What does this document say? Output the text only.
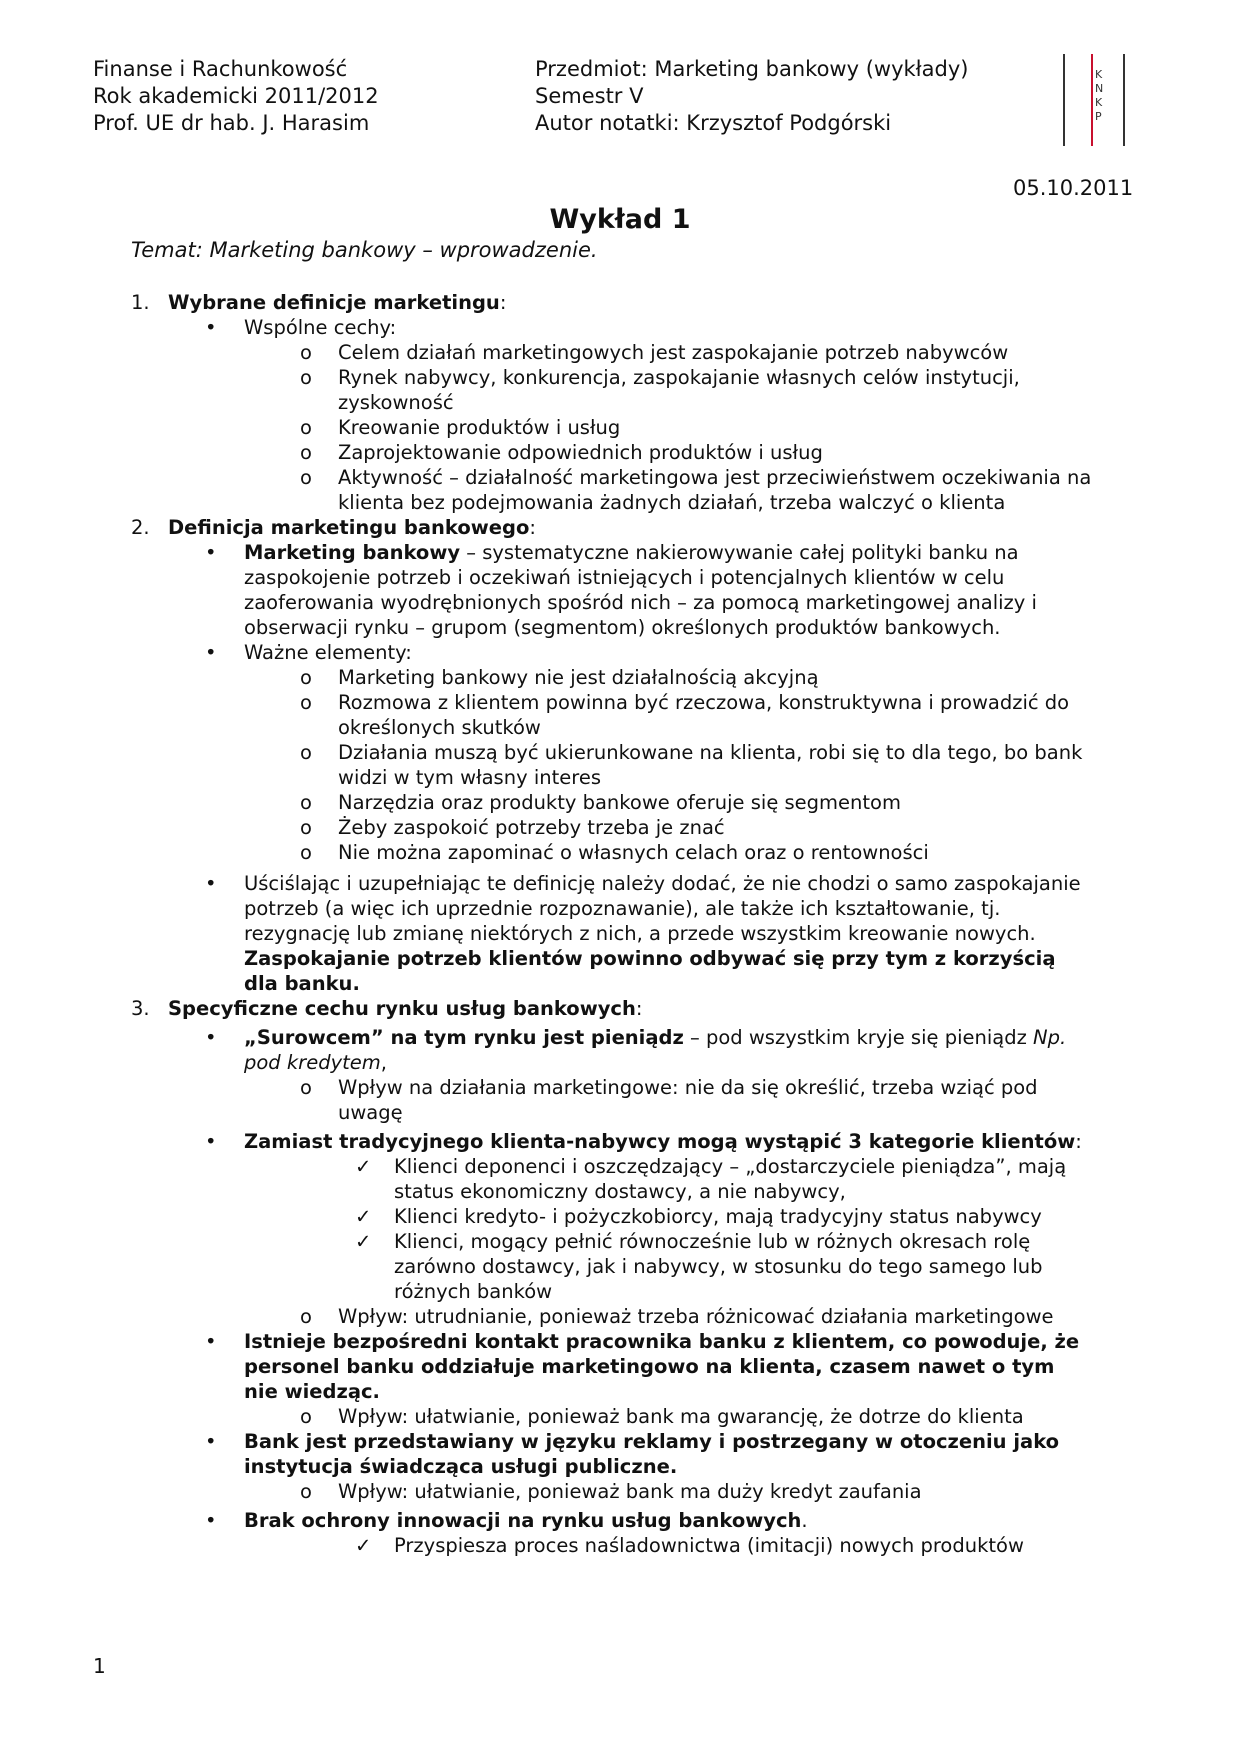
Finanse i Rachunkowość
Rok akademicki 2011/2012
Prof. UE dr hab. J. Harasim
Przedmiot: Marketing bankowy (wykłady)
Semestr V
Autor notatki: Krzysztof Podgórski
K
N
K
P
05.10.2011
Wykład 1
Temat: Marketing bankowy – wprowadzenie.
1. Wybrane definicje marketingu:
• Wspólne cechy:
o Celem działań marketingowych jest zaspokajanie potrzeb nabywców
o Rynek nabywcy, konkurencja, zaspokajanie własnych celów instytucji,
zyskowność
o Kreowanie produktów i usług
o Zaprojektowanie odpowiednich produktów i usług
o Aktywność – działalność marketingowa jest przeciwieństwem oczekiwania na
klienta bez podejmowania żadnych działań, trzeba walczyć o klienta
2. Definicja marketingu bankowego:
• Marketing bankowy – systematyczne nakierowywanie całej polityki banku na
zaspokojenie potrzeb i oczekiwań istniejących i potencjalnych klientów w celu
zaoferowania wyodrębnionych spośród nich – za pomocą marketingowej analizy i
obserwacji rynku – grupom (segmentom) określonych produktów bankowych.
• Ważne elementy:
o Marketing bankowy nie jest działalnością akcyjną
o Rozmowa z klientem powinna być rzeczowa, konstruktywna i prowadzić do
określonych skutków
o Działania muszą być ukierunkowane na klienta, robi się to dla tego, bo bank
widzi w tym własny interes
o Narzędzia oraz produkty bankowe oferuje się segmentom
o Żeby zaspokoić potrzeby trzeba je znać
o Nie można zapominać o własnych celach oraz o rentowności
• Uściślając i uzupełniając te definicję należy dodać, że nie chodzi o samo zaspokajanie
potrzeb (a więc ich uprzednie rozpoznawanie), ale także ich kształtowanie, tj.
rezygnację lub zmianę niektórych z nich, a przede wszystkim kreowanie nowych.
Zaspokajanie potrzeb klientów powinno odbywać się przy tym z korzyścią
dla banku.
3. Specyficzne cechu rynku usług bankowych:
• „Surowcem” na tym rynku jest pieniądz – pod wszystkim kryje się pieniądz Np.
pod kredytem,
o Wpływ na działania marketingowe: nie da się określić, trzeba wziąć pod
uwagę
• Zamiast tradycyjnego klienta-nabywcy mogą wystąpić 3 kategorie klientów:
✓ Klienci deponenci i oszczędzający – „dostarczyciele pieniądza”, mają
status ekonomiczny dostawcy, a nie nabywcy,
✓ Klienci kredyto- i pożyczkobiorcy, mają tradycyjny status nabywcy
✓ Klienci, mogący pełnić równocześnie lub w różnych okresach rolę
zarówno dostawcy, jak i nabywcy, w stosunku do tego samego lub
różnych banków
o Wpływ: utrudnianie, ponieważ trzeba różnicować działania marketingowe
• Istnieje bezpośredni kontakt pracownika banku z klientem, co powoduje, że
personel banku oddziałuje marketingowo na klienta, czasem nawet o tym
nie wiedząc.
o Wpływ: ułatwianie, ponieważ bank ma gwarancję, że dotrze do klienta
• Bank jest przedstawiany w języku reklamy i postrzegany w otoczeniu jako
instytucja świadcząca usługi publiczne.
o Wpływ: ułatwianie, ponieważ bank ma duży kredyt zaufania
• Brak ochrony innowacji na rynku usług bankowych.
✓ Przyspiesza proces naśladownictwa (imitacji) nowych produktów
1
